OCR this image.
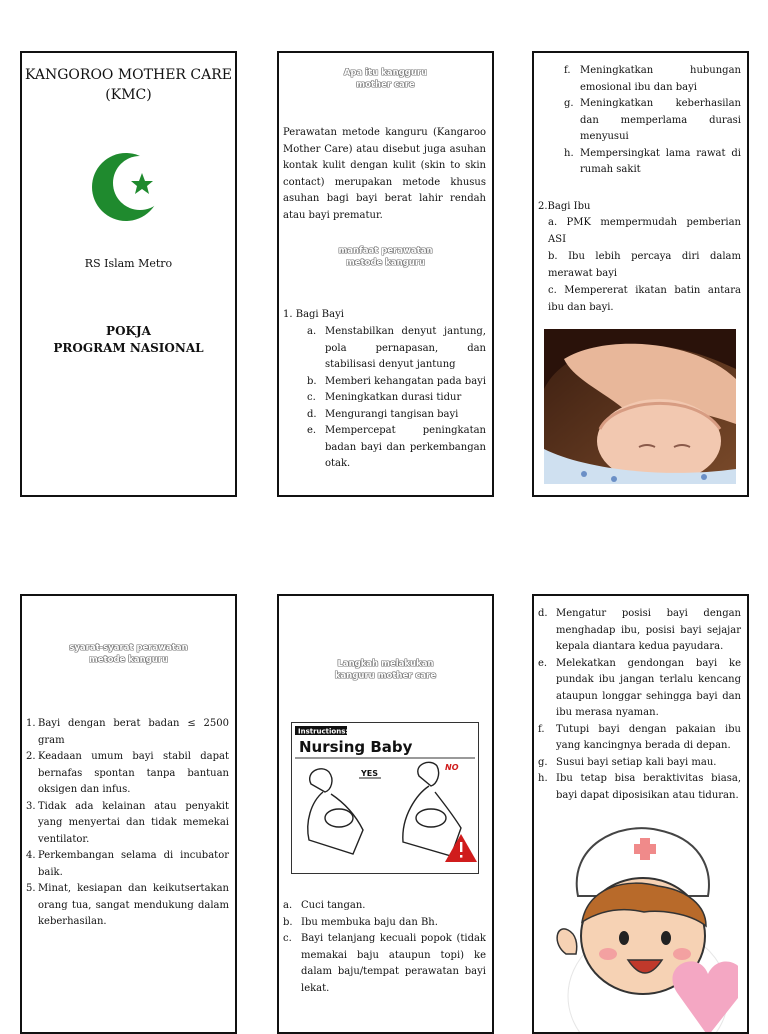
KANGOROO MOTHER CARE (KMC)
RS Islam Metro
POKJA
PROGRAM NASIONAL
Apa itu kangguru mother care
Perawatan metode kanguru (Kangaroo Mother Care) atau disebut juga asuhan kontak kulit dengan kulit (skin to skin contact) merupakan metode khusus asuhan bagi bayi berat lahir rendah atau bayi prematur.
manfaat perawatan metode kanguru
1. Bagi Bayi
a. Menstabilkan denyut jantung, pola pernapasan, dan stabilisasi denyut jantung
b. Memberi kehangatan pada bayi
c. Meningkatkan durasi tidur
d. Mengurangi tangisan bayi
e. Mempercepat peningkatan badan bayi dan perkembangan otak.
f. Meningkatkan hubungan emosional ibu dan bayi
g. Meningkatkan keberhasilan dan memperlama durasi menyusui
h. Mempersingkat lama rawat di rumah sakit
2.Bagi Ibu
a. PMK mempermudah pemberian ASI
b. Ibu lebih percaya diri dalam merawat bayi
c. Mempererat ikatan batin antara ibu dan bayi.
syarat-syarat perawatan metode kanguru
1. Bayi dengan berat badan ≤ 2500 gram
2. Keadaan umum bayi stabil dapat bernafas spontan tanpa bantuan oksigen dan infus.
3. Tidak ada kelainan atau penyakit yang menyertai dan tidak memekai ventilator.
4. Perkembangan selama di incubator baik.
5. Minat, kesiapan dan keikutsertakan orang tua, sangat mendukung dalam keberhasilan.
Langkah melakukan kanguru mother care
Instructions:
Nursing Baby
YES
NO
a. Cuci tangan.
b. Ibu membuka baju dan Bh.
c. Bayi telanjang kecuali popok (tidak memakai baju ataupun topi) ke dalam baju/tempat perawatan bayi lekat.
d. Mengatur posisi bayi dengan menghadap ibu, posisi bayi sejajar kepala diantara kedua payudara.
e. Melekatkan gendongan bayi ke pundak ibu jangan terlalu kencang ataupun longgar sehingga bayi dan ibu merasa nyaman.
f.	Tutupi bayi dengan pakaian ibu yang kancingnya berada di depan.
g. Susui bayi setiap kali bayi mau.
h. Ibu tetap bisa beraktivitas biasa, bayi dapat diposisikan atau tiduran.
